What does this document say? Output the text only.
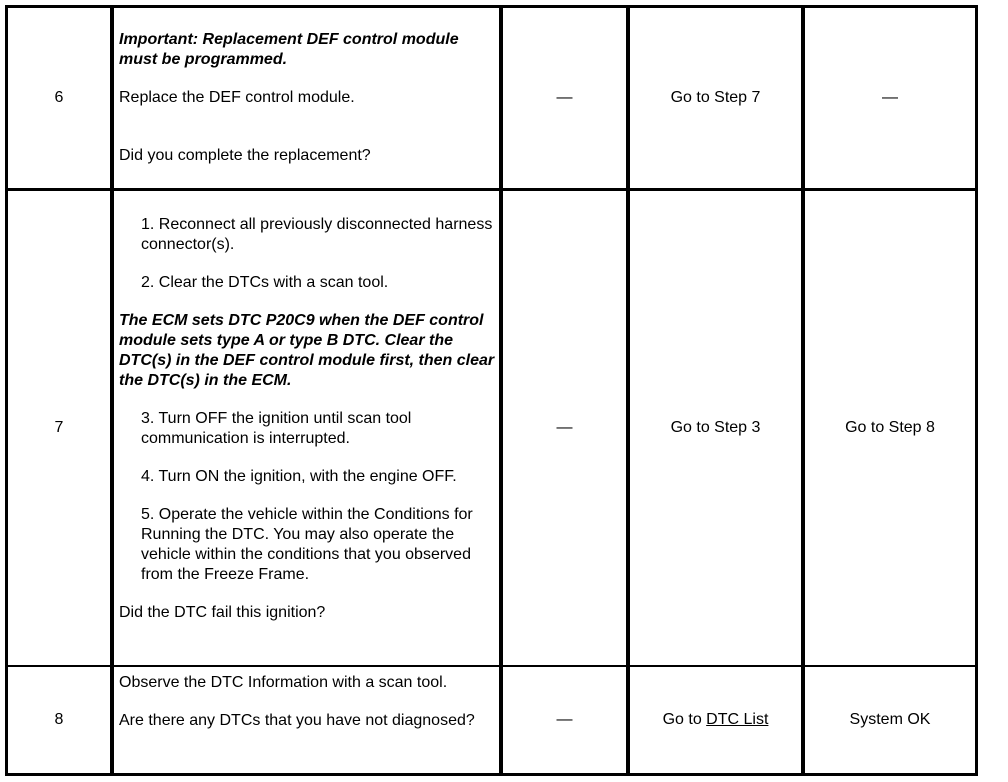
6

Important: Replacement DEF control module must be programmed.

Replace the DEF control module.

Did you complete the replacement?

—	Go to Step 7	—
7

1. Reconnect all previously disconnected harness connector(s).

2. Clear the DTCs with a scan tool.

The ECM sets DTC P20C9 when the DEF control module sets type A or type B DTC. Clear the DTC(s) in the DEF control module first, then clear the DTC(s) in the ECM.

3. Turn OFF the ignition until scan tool communication is interrupted.

4. Turn ON the ignition, with the engine OFF.

5. Operate the vehicle within the Conditions for Running the DTC. You may also operate the vehicle within the conditions that you observed from the Freeze Frame.

Did the DTC fail this ignition?

—	Go to Step 3	Go to Step 8
8

Observe the DTC Information with a scan tool.

Are there any DTCs that you have not diagnosed?	—	Go to DTC List	System OK
